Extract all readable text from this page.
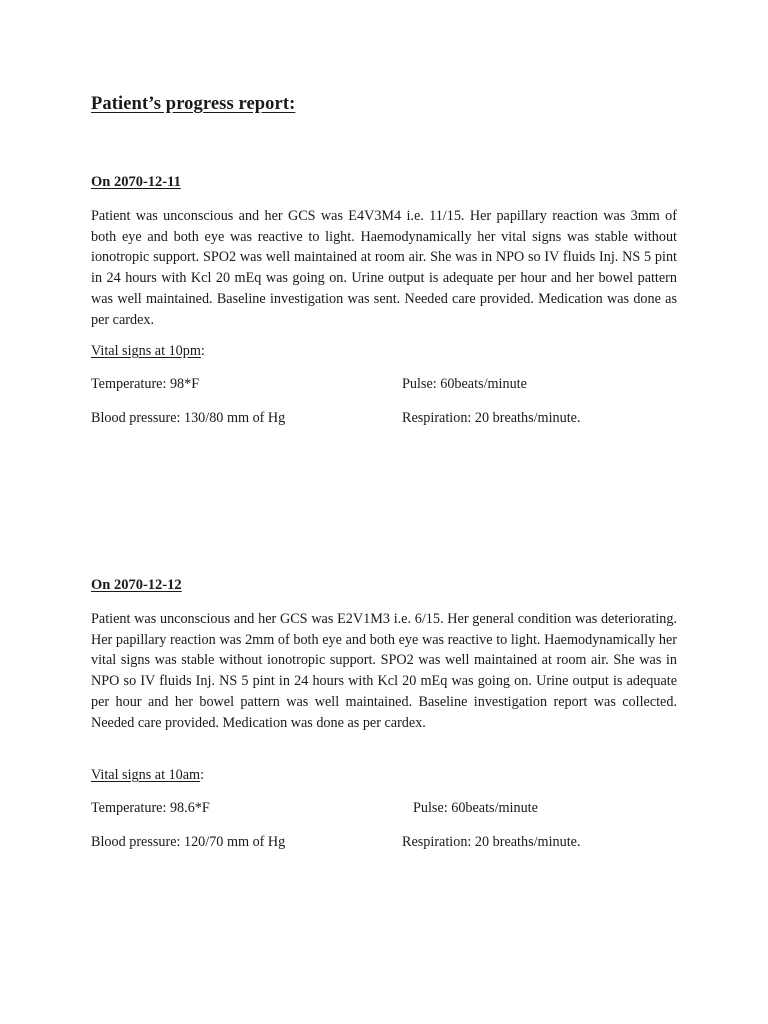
Patient’s progress report:

On 2070-12-11

Patient was unconscious and her GCS was E4V3M4 i.e. 11/15. Her papillary reaction was 3mm of both eye and both eye was reactive to light. Haemodynamically her vital signs was stable without ionotropic support. SPO2 was well maintained at room air. She was in NPO so IV fluids Inj. NS 5 pint in 24 hours with Kcl 20 mEq was going on. Urine output is adequate per hour and her bowel pattern was well maintained. Baseline investigation was sent. Needed care provided. Medication was done as per cardex.

Vital signs at 10pm:

Temperature: 98*F	Pulse: 60beats/minute

Blood pressure: 130/80 mm of Hg	Respiration: 20 breaths/minute.

On 2070-12-12

Patient was unconscious and her GCS was E2V1M3 i.e. 6/15. Her general condition was deteriorating. Her papillary reaction was 2mm of both eye and both eye was reactive to light. Haemodynamically her vital signs was stable without ionotropic support. SPO2 was well maintained at room air. She was in NPO so IV fluids Inj. NS 5 pint in 24 hours with Kcl 20 mEq was going on. Urine output is adequate per hour and her bowel pattern was well maintained. Baseline investigation report was collected. Needed care provided. Medication was done as per cardex.

Vital signs at 10am:

Temperature: 98.6*F	Pulse: 60beats/minute

Blood pressure: 120/70 mm of Hg	Respiration: 20 breaths/minute.
